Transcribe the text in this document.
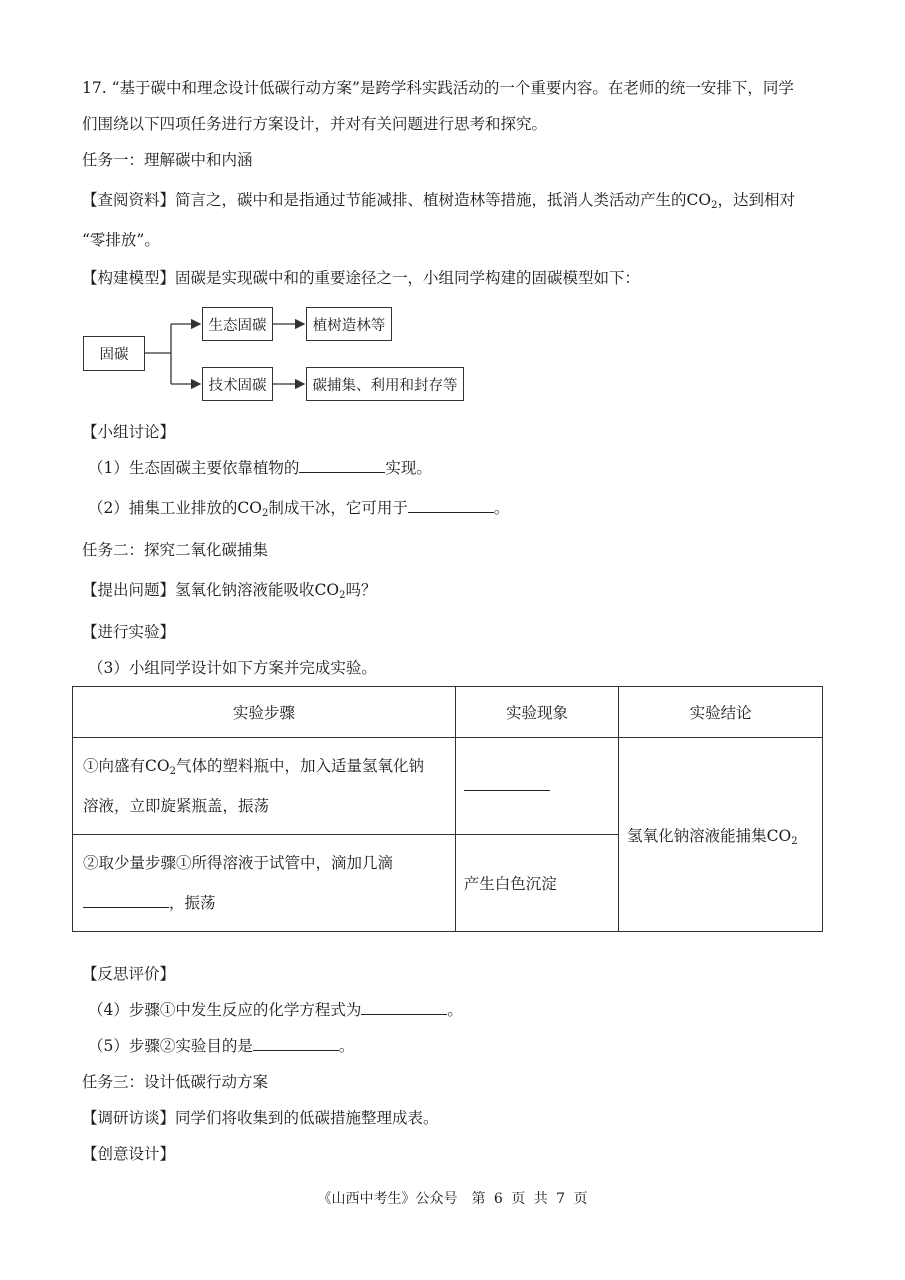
17. “基于碳中和理念设计低碳行动方案”是跨学科实践活动的一个重要内容。在老师的统一安排下，同学
们围绕以下四项任务进行方案设计，并对有关问题进行思考和探究。
任务一：理解碳中和内涵
【查阅资料】简言之，碳中和是指通过节能减排、植树造林等措施，抵消人类活动产生的$CO_2$，达到相对
“零排放”。
【构建模型】固碳是实现碳中和的重要途径之一，小组同学构建的固碳模型如下：
固碳
生态固碳	植树造林等
技术固碳	碳捕集、利用和封存等
【小组讨论】
（1）生态固碳主要依靠植物的	实现。
（2）捕集工业排放的$CO_2$制成干冰，它可用于	。
任务二：探究二氧化碳捕集
【提出问题】氢氧化钠溶液能吸收$CO_2$吗？
【进行实验】
（3）小组同学设计如下方案并完成实验。
实验步骤	实验现象	实验结论

①向盛有$CO_2$气体的塑料瓶中，加入适量氢氧化钠
溶液，立即旋紧瓶盖，振荡		氢氧化钠溶液能捕集$CO_2$

②取少量步骤①所得溶液于试管中，滴加几滴
，振荡	产生白色沉淀	
【反思评价】
（4）步骤①中发生反应的化学方程式为	。
（5）步骤②实验目的是	。
任务三：设计低碳行动方案
【调研访谈】同学们将收集到的低碳措施整理成表。
【创意设计】
《山西中考生》公众号　第 6 页 共 7 页
